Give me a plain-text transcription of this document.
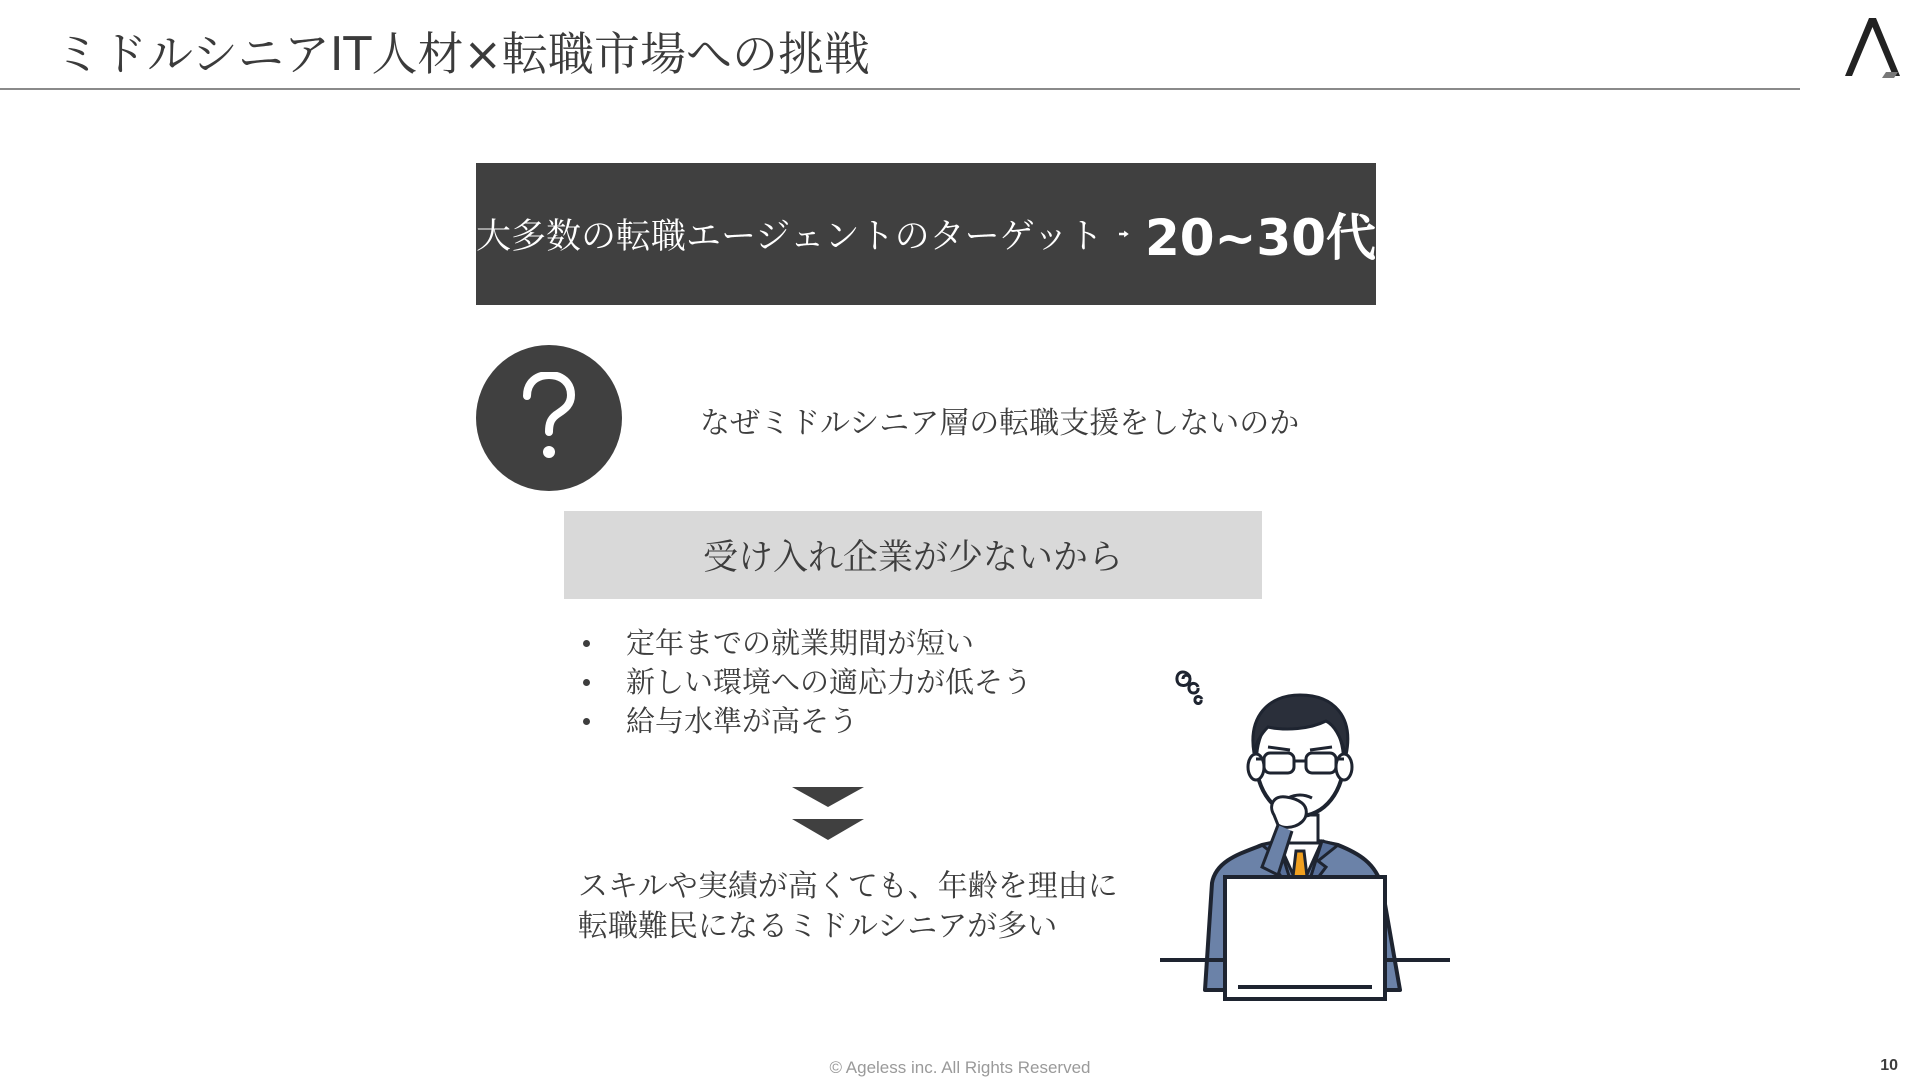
ミドルシニアIT人材×転職市場への挑戦
大多数の転職エージェントのターゲット 20~30代
なぜミドルシニア層の転職支援をしないのか
受け入れ企業が少ないから
定年までの就業期間が短い
新しい環境への適応力が低そう
給与水準が高そう
スキルや実績が高くても、年齢を理由に
転職難民になるミドルシニアが多い
© Ageless inc. All Rights Reserved	10
